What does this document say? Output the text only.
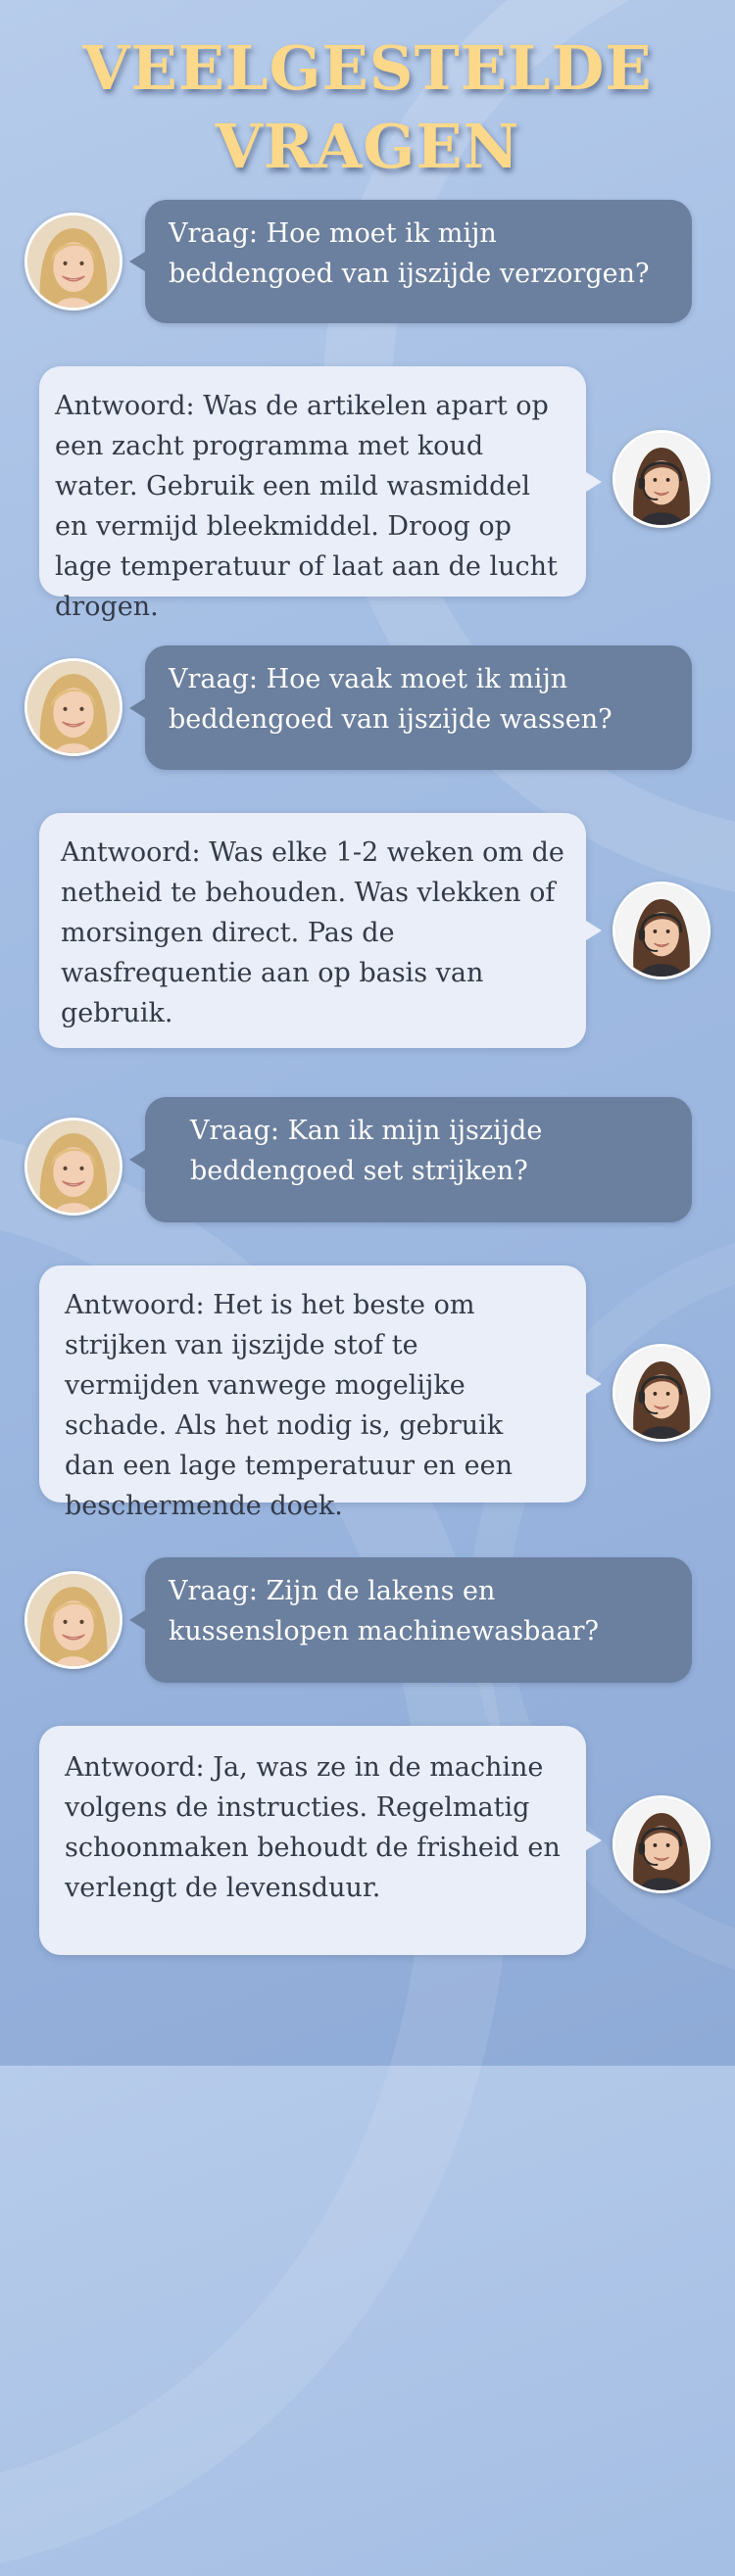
VEELGESTELDE
VRAGEN
Vraag: Hoe moet ik mijn beddengoed van ijszijde verzorgen?
Antwoord: Was de artikelen apart op een zacht programma met koud water. Gebruik een mild wasmiddel en vermijd bleekmiddel. Droog op lage temperatuur of laat aan de lucht drogen.
Vraag: Hoe vaak moet ik mijn beddengoed van ijszijde wassen?
Antwoord: Was elke 1-2 weken om de netheid te behouden. Was vlekken of morsingen direct. Pas de wasfrequentie aan op basis van gebruik.
Vraag: Kan ik mijn ijszijde beddengoed set strijken?
Antwoord: Het is het beste om strijken van ijszijde stof te vermijden vanwege mogelijke schade. Als het nodig is, gebruik dan een lage temperatuur en een beschermende doek.
Vraag: Zijn de lakens en kussenslopen machinewasbaar?
Antwoord: Ja, was ze in de machine volgens de instructies. Regelmatig schoonmaken behoudt de frisheid en verlengt de levensduur.
